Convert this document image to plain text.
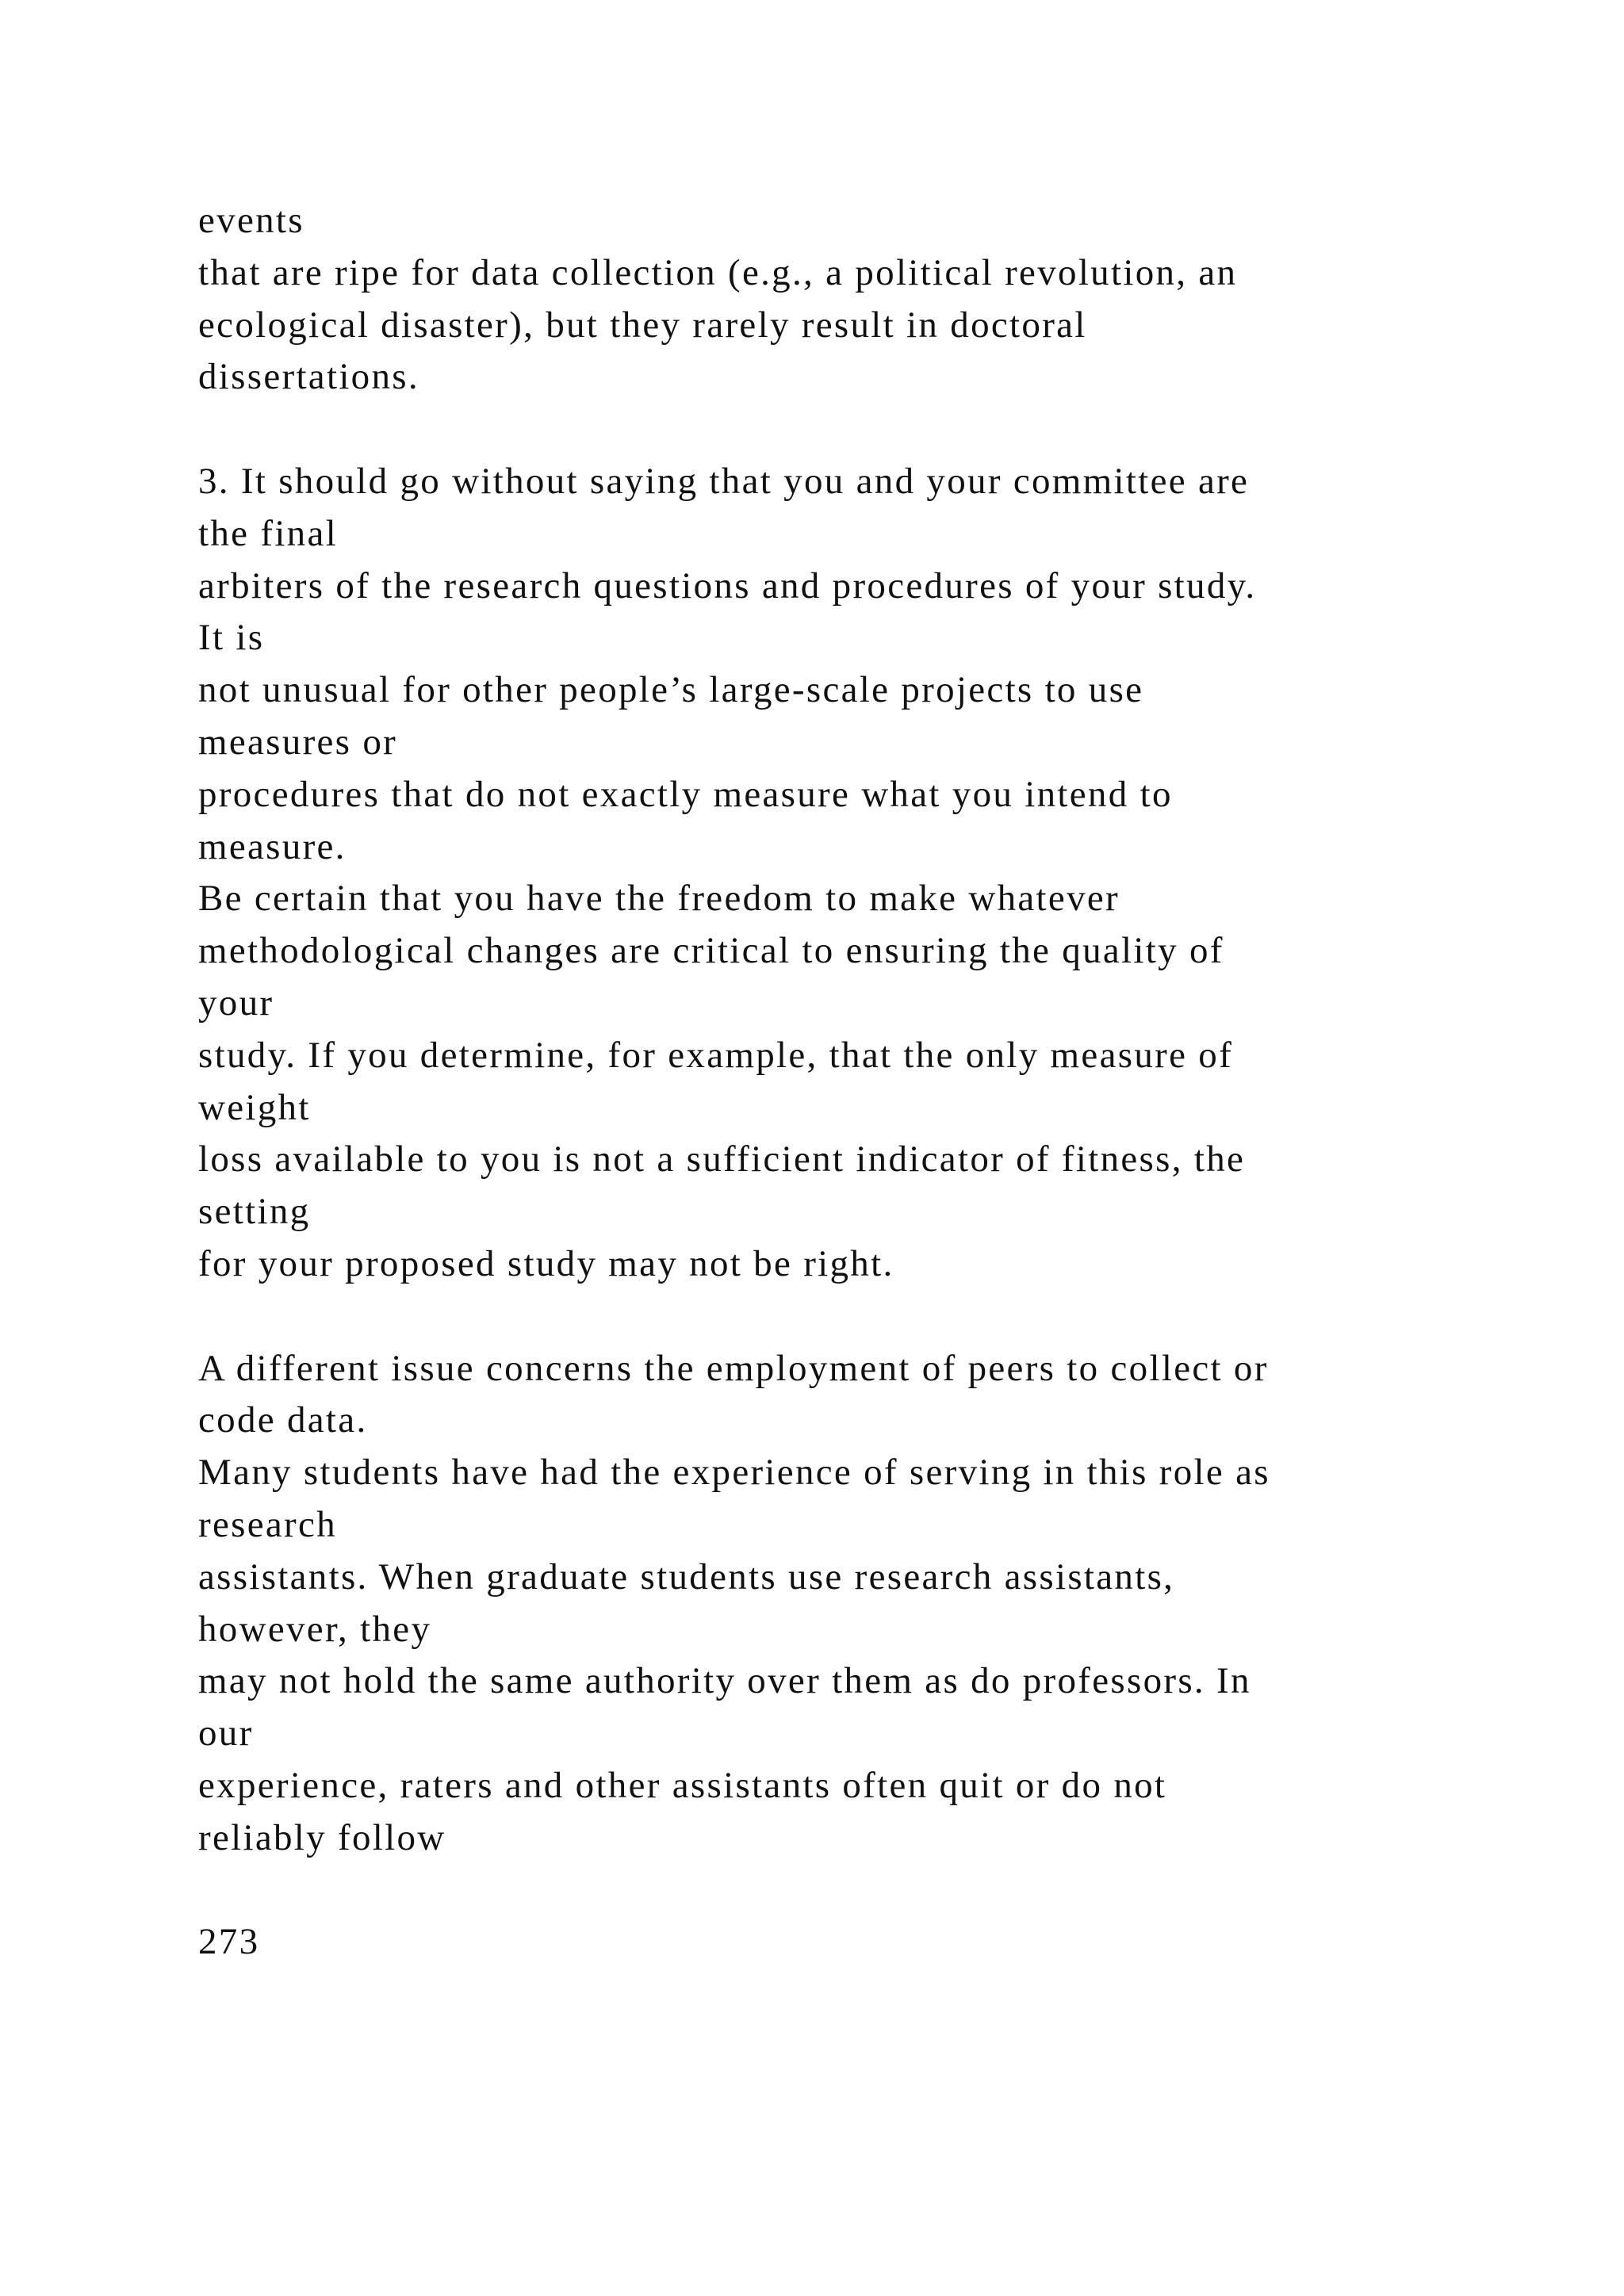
events
that are ripe for data collection (e.g., a political revolution, an
ecological disaster), but they rarely result in doctoral
dissertations.
3. It should go without saying that you and your committee are
the final
arbiters of the research questions and procedures of your study.
It is
not unusual for other people’s large-scale projects to use
measures or
procedures that do not exactly measure what you intend to
measure.
Be certain that you have the freedom to make whatever
methodological changes are critical to ensuring the quality of
your
study. If you determine, for example, that the only measure of
weight
loss available to you is not a sufficient indicator of fitness, the
setting
for your proposed study may not be right.
A different issue concerns the employment of peers to collect or
code data.
Many students have had the experience of serving in this role as
research
assistants. When graduate students use research assistants,
however, they
may not hold the same authority over them as do professors. In
our
experience, raters and other assistants often quit or do not
reliably follow
273
